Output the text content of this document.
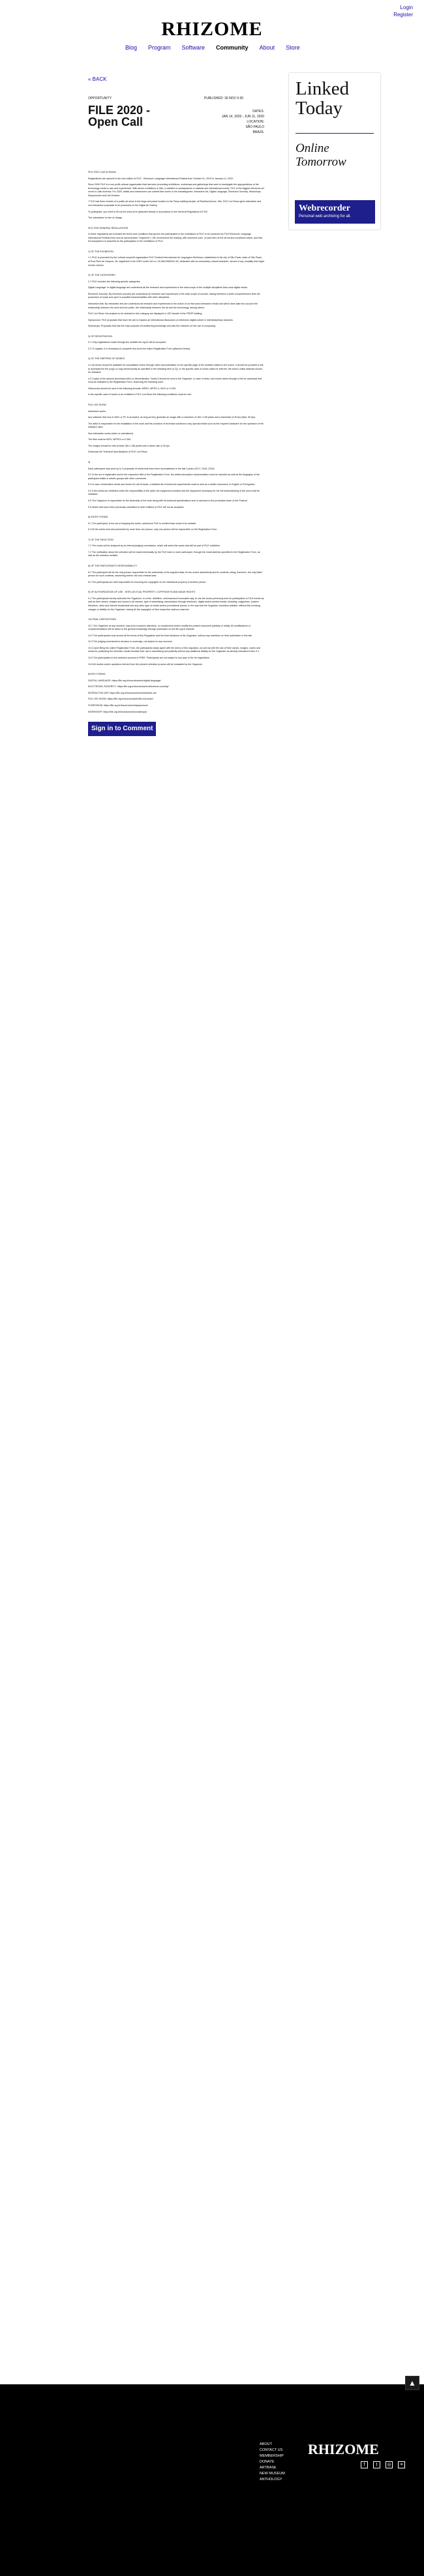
RHIZOME
Login
Register
Blog Program Software Community About Store
« BACK
OPPORTUNITY	PUBLISHED: 30 NOV 0:30
FILE 2020 - Open Call
DATES:
JAN 14, 2020 - JUN 11, 2020
LOCATION:
SÃO PAULO
BRAZIL

FILE 2020 | Call for Entries

Registrations are opened to the new edition of FILE - Electronic Language International Festival from October 01, 2019 to January 14, 2020.

Since 2000 FILE is a non-profit cultural organization that has been promoting exhibitions, workshops and gatherings that seek to investigate the appropriations of the technology media in arts and experiences. With seven exhibitions in São, in addition to participations in national and international events, FILE is the biggest electronic art event in Latin America. For 2020, artists and researchers can submit their works in the subcategories: Interactive Art, Digital Language, Electronic Sonority, Workshops, Symposiums and Lab Dreams.

* FILE had three models of a public art show in the large and panel located on the Fiesp building facade, at Paulista Avenue, São, FILE Led Show gives interactive and non-interactive proposals to be presented on the Digital Art Gallery.

To participate, you need to fill out the entry form (attached below) in accordance to the General Regulations of FILE.

The submission is free of charge.

FILE 2020 GENERAL REGULATIONS

In these regulations are included the terms and conditions that govern the participation in the exhibitions of FILE to be produced by FILE Electronic Language International Festival (here and as denominated "Organizer"). We recommend the reading, with maximum care, of each item of the terms and conditions below, and that full acceptance is essential for the participation in the exhibitions of FILE.

1) OF THE EXHIBITION

1.1 FILE is promoted by the cultural nonprofit organization FILE Festival Internacional de Linguagem Eletrônica, established in the city of São Paulo, state of São Paulo, at Rua Pires de Campos, 36, registered in the CNPJ under the no. 04.068.096/0001-62, dedicated with an exclusively cultural character, devoid of any modality that might involve chance.

2) OF THE CATEGORIES

2.1 FILE includes the following specific categories:

Digital Language: to digital language are understood all the research and experiences in the wide scope of the multiple disciplines that cross digital media.

Electronic Sonority: By electronic sonority are understood all research and experiences in the wide scope of sounds, having therefore a wider comprehension than the production of music and open to possible transversalities with other disciplines.

Interactive Arts: By interactive arts are understood all research and experiences in the action of an that uses interaction media and which does take into account the relationship between the work and the public, the relationship between the art and the technology, among others.

FILE Led Show: the projects to be selected in this category are displayed in LED facade of the FIESP building.

Symposium: FILE proposals that have the aim to expand an international discussion on electronic digital culture in interdisciplinary sessions.

Workshops: Proposals that has the main purpose of transferring knowledge and also the research on the use of computing.

3) OF REGISTRATION

3.1 Only registrations made through the website file.org.br will be accepted.

3.2 To register, it is necessary to complete and send the online Registration Form (attached below).

4) OF THE SHIPPING OF WORKS

4.1 All works should be available for consultation online through video documentation on the specific page of the website related to the works. It should be provided a link to download the file (copy or copy electronically as specified in the following item (4.2)); or the specific case of works made for internet, the work's online address should be indicated.

4.2 Copies of the artwork (technical riders or demonstration "works") should be sent to the Organizer, in case of video, and music works through a link for download that must be indicated in the Registration Form, observing the following rules:

Videoworks should be sent in the following formats: MPEG, MPEG-4, MOV or H.264.

In the specific case of works to be exhibited in FILE Led Show the following conditions must be met:

FILE LED SHOW

Interactive works

Any software that runs in MAC or PC is accepted, as long as they generate an image with a resolution of 160 x 108 pixels and a framerate of 30 fps (Max: 60 fps).

The artist is responsible for the installation of the work and the provision of technical solutions to any special media such as the required hardware for the operation of the software used.

Non-interactive works (video or animations)

The files must be MOV, MPEG4 or h.264.

The images should be with at least 160 x 108 pixels with a frame rate of 30 fps.

Download the Technical Specifications of FILE Led Show.

5)

Each participant may send up to 3 proposals of works that have been accomplished in the last 3 years (2017, 2018, 2019).

5.2 In the act of registration and in the respective field of the Registration Form, the artists descriptive documentation must be included as well as the biography of the participant artists or artistic groups with other comments.

5.3 In case of interactive works and works for Lab Dreams, a detailed list of technical requirements must be sent as a written document, in English or Portuguese.

5.4 If the works are exhibited under the responsibility of the artist, the equipment provided and the equipment necessary for the full understanding of the work must be indicated.

5.5 The Organizer is responsible for the assembly of the work along with its technical specifications sent in advance to the production team of the Festival.

5.6 Works that have been previously submitted to other editions of FILE will not be accepted.

6) ENTRY FORMS

6.1 The participant, in the act of shipping the works, authorizes FILE to exhibit those works in its website.

6.2 All the works sent and presented by more than one person, only one person will be responsible on the Registration Form.

7) OF THE SELECTION

7.1 The works will be analyzed by an internal judging commission, which will select the works that will be part of FILE exhibition.

7.2 The notification about the selection will be made individually by the FILE team to each participant, through the email address specified in the Registration Form, as well as the selection website.

8) OF THE PARTICIPANT'S RESPONSIBILITY

8.1 The participant will be the only person responsible for the authorship of the supplied data, for the work's authenticity and its contents, being, therefore, the only liable person for such contents, answering before civil and criminal laws.

8.2 The participants are held responsible for ensuring the copyrights on the intellectual property of another person.

9) OF AUTHORIZATION OF USE - INTELLECTUAL PROPERTY, COPYRIGHTS AND IMAGE RIGHTS

9.1 The participants hereby authorize the Organizer, in a free, definitive, universal and irrevocable way, to use the works previously sent for participation in FILE events as well as their names, images and voices in all manner, type of advertising, transmission through electronic, digital and/or printed media, including, magazines, posters, television, radio and internet broadcasts and any other type of media and/or promotional pieces, in the way that the Organizer considers suitable, without this involving charges or liability for the Organizer, having all the copyrights of their respective authors reserved.

10) FINAL DISPOSITIONS

10.1 The Organizer at any moment, may at its exclusive discretion, to complement and/or modify the present document partially or totally. All modifications or complementations will be taken to the general knowledge through publication on the file.org.br website.

10.2 The participants must accept all the terms of this Regulation and the final decisions of the Organizer, without any restriction on their publication in this site.

10.3 The judging commission's decision is sovereign, not subject to any recourse.

10.4 Upon filling the online Registration Form, the participants totally agree with the terms of this regulation, as well as with the use of their names, images, voices and works for publicizing the selection results besides their use in advertising and publicity without any additional liability for the Organizer as already indicated in item 9.1.

10.5 The participation in this selection process is FREE. Participants are not subject to any type of fee for registration.

10.6 All doubts and/or questions derived from the present selection process will be evaluated by the Organizer.

ENTRY FORMS:

DIGITAL LANGUAGE: https://file.org.br/inscricoes/en/digital-language/

ELECTRONIC SONORITY: https://file.org.br/inscricoes/en/electronic-sonority/

INTERACTIVE ART: https://file.org.br/inscricoes/en/interactive-art/

FILE LED SHOW: https://file.org.br/inscricoes/en/file-led-show/

SYMPOSIUM: https://file.org.br/inscricoes/en/symposium/

WORKSHOP: https://file.org.br/inscricoes/en/workshops/

Sign in to Comment
Linked
Today
Online
Tomorrow
Webrecorder
Personal web archiving for all.
▲
ABOUT
CONTACT US
MEMBERSHIP
DONATE
ARTBASE
NEW MUSEUM
ANTHOLOGY
RHIZOME
f	t	◎	≡
